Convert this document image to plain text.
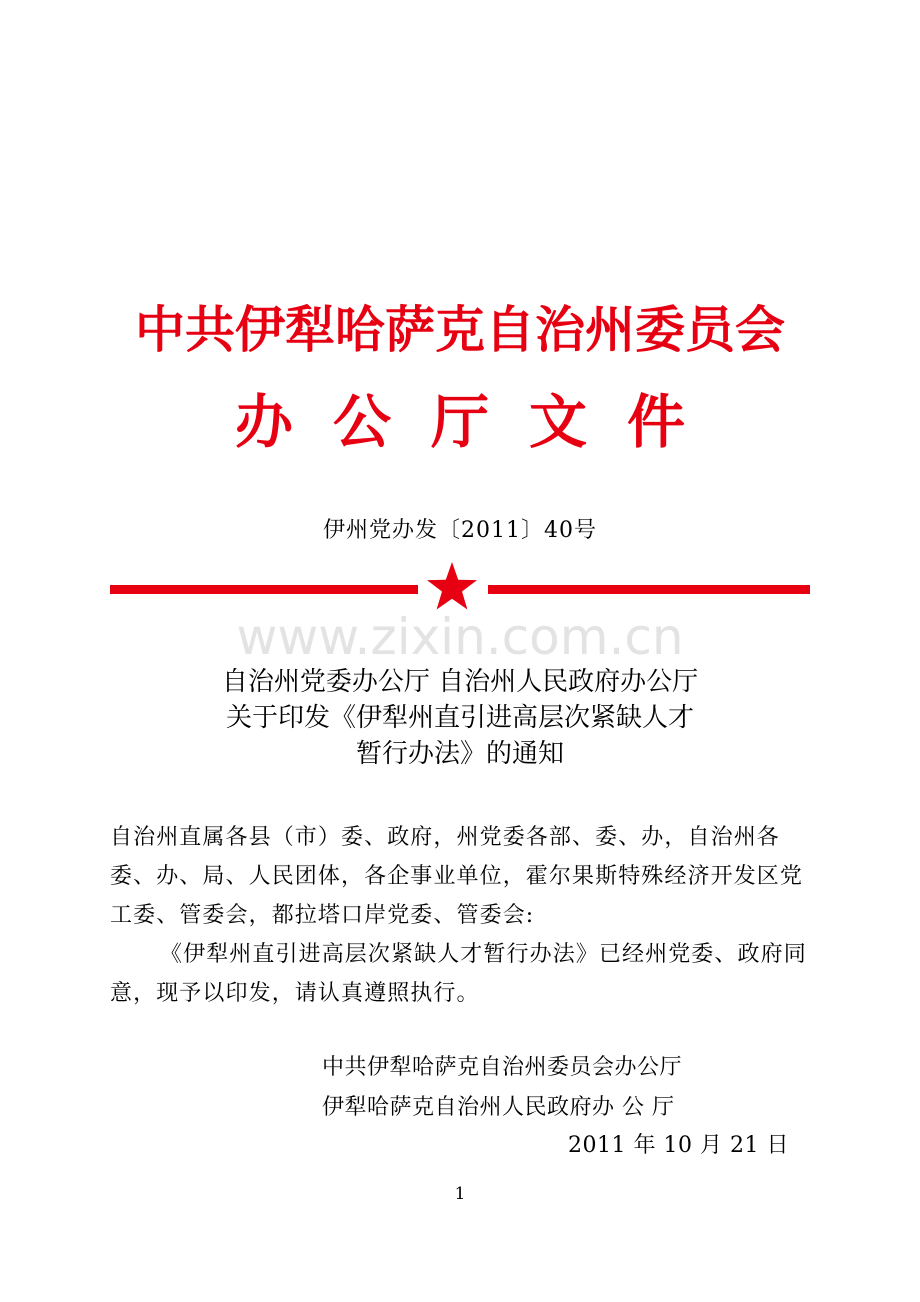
中共伊犁哈萨克自治州委员会
办公厅文件
伊州党办发〔2011〕40号
www.zixin.com.cn
自治州党委办公厅 自治州人民政府办公厅
关于印发《伊犁州直引进高层次紧缺人才
暂行办法》的通知

自治州直属各县（市）委、政府，州党委各部、委、办，自治州各委、办、局、人民团体，各企事业单位，霍尔果斯特殊经济开发区党工委、管委会，都拉塔口岸党委、管委会:

《伊犁州直引进高层次紧缺人才暂行办法》已经州党委、政府同意，现予以印发，请认真遵照执行。

中共伊犁哈萨克自治州委员会办公厅
伊犁哈萨克自治州人民政府办 公 厅
2011 年 10 月 21 日
1
